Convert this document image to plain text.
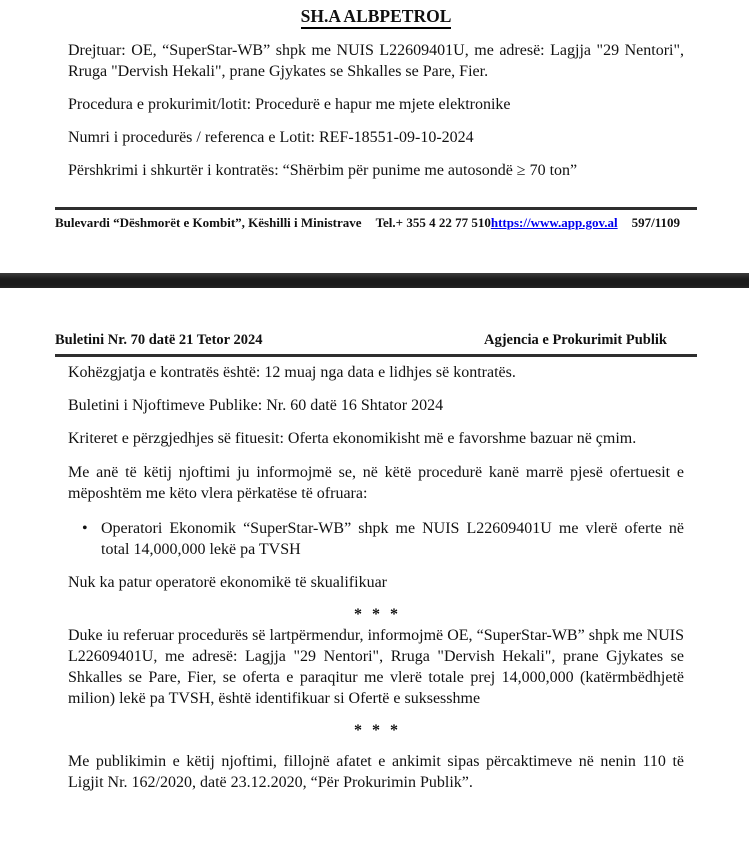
SH.A ALBPETROL

Drejtuar: OE, “SuperStar-WB” shpk me NUIS L22609401U, me adresë: Lagjja "29 Nentori", Rruga "Dervish Hekali", prane Gjykates se Shkalles se Pare, Fier.

Procedura e prokurimit/lotit: Procedurë e hapur me mjete elektronike

Numri i procedurës / referenca e Lotit: REF-18551-09-10-2024

Përshkrimi i shkurtër i kontratës: “Shërbim për punime me autosondë ≥ 70 ton”

Bulevardi “Dëshmorët e Kombit”, Këshilli i Ministrave Tel.+ 355 4 22 77 510 https://www.app.gov.al 597/1109
Buletini Nr. 70 datë 21 Tetor 2024	Agjencia e Prokurimit Publik

Kohëzgjatja e kontratës është: 12 muaj nga data e lidhjes së kontratës.

Buletini i Njoftimeve Publike: Nr. 60 datë 16 Shtator 2024

Kriteret e përzgjedhjes së fituesit: Oferta ekonomikisht më e favorshme bazuar në çmim.

Me anë të këtij njoftimi ju informojmë se, në këtë procedurë kanë marrë pjesë ofertuesit e mëposhtëm me këto vlera përkatëse të ofruara:

• Operatori Ekonomik “SuperStar-WB” shpk me NUIS L22609401U me vlerë oferte në total 14,000,000 lekë pa TVSH

Nuk ka patur operatorë ekonomikë të skualifikuar

* * *

Duke iu referuar procedurës së lartpërmendur, informojmë OE, “SuperStar-WB” shpk me NUIS L22609401U, me adresë: Lagjja "29 Nentori", Rruga "Dervish Hekali", prane Gjykates se Shkalles se Pare, Fier, se oferta e paraqitur me vlerë totale prej 14,000,000 (katërmbëdhjetë milion) lekë pa TVSH, është identifikuar si Ofertë e suksesshme

* * *

Me publikimin e këtij njoftimi, fillojnë afatet e ankimit sipas përcaktimeve në nenin 110 të Ligjit Nr. 162/2020, datë 23.12.2020, “Për Prokurimin Publik”.
